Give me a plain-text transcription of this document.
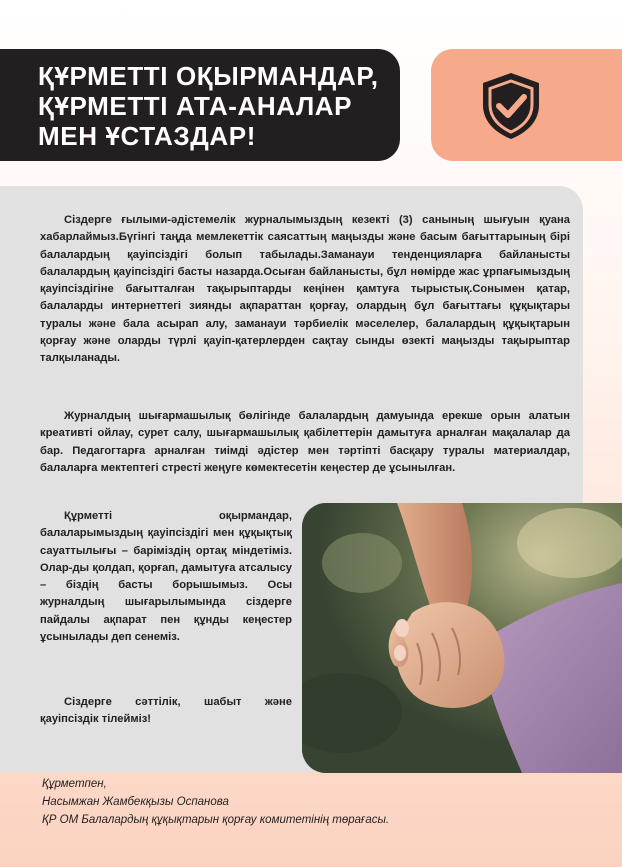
ҚҰРМЕТТІ ОҚЫРМАНДАР,
ҚҰРМЕТТІ АТА-АНАЛАР
МЕН ҰСТАЗДАР!

Сіздерге ғылыми-әдістемелік журналымыздың кезекті (3) санының шығуын қуана хабарлаймыз.Бүгінгі таңда мемлекеттік саясаттың маңызды және басым бағыттарының бірі балалардың қауіпсіздігі болып табылады.Заманауи тенденцияларға байланысты балалардың қауіпсіздігі басты назарда.Осыған байланысты, бұл нөмірде жас ұрпағымыздың қауіпсіздігіне бағытталған тақырыптарды кеңінен қамтуға тырыстық.Сонымен қатар, балаларды интернеттегі зиянды ақпараттан қорғау, олардың бұл бағыттағы құқықтары туралы және бала асырап алу, заманауи тәрбиелік мәселелер, балалардың құқықтарын қорғау және оларды түрлі қауіп-қатерлерден сақтау сынды өзекті маңызды тақырыптар талқыланады.

Журналдың шығармашылық бөлігінде балалардың дамуында ерекше орын алатын креативті ойлау, сурет салу, шығармашылық қабілеттерін дамытуға арналған мақалалар да бар. Педагогтарға арналған тиімді әдістер мен тәртіпті басқару туралы материалдар, балаларға мектептегі стресті жеңуге көмектесетін кеңестер де ұсынылған.

Құрметті оқырмандар, балаларымыздың қауіпсіздігі мен құқықтық сауаттылығы – баріміздің ортақ міндетіміз. Олар-ды қолдап, қорғап, дамытуға атсалысу – біздің басты борышымыз. Осы журналдың шығарылымында сіздерге пайдалы ақпарат пен құнды кеңестер ұсынылады деп сенеміз.

Сіздерге сәттілік, шабыт және қауіпсіздік тілейміз!

Құрметпен,
Насымжан Жамбекқызы Оспанова
ҚР ОМ Балалардың құқықтарын қорғау комитетінің төрағасы.
